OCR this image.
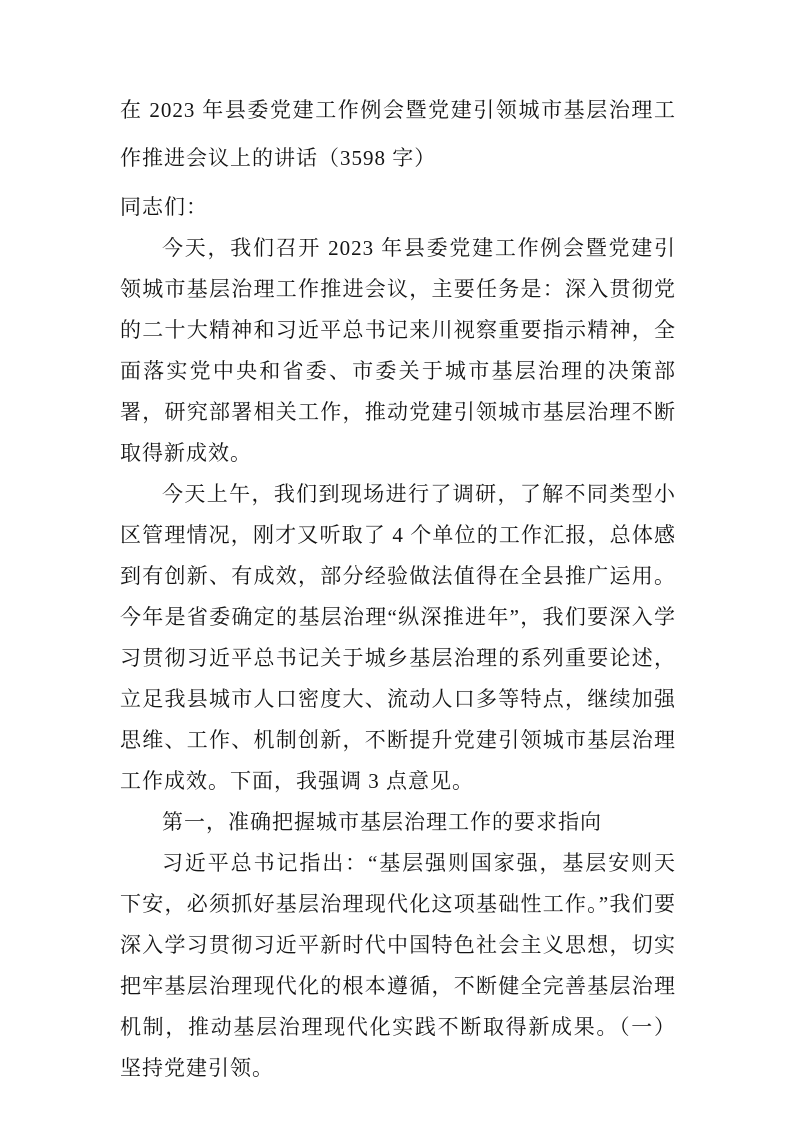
在 2023 年县委党建工作例会暨党建引领城市基层治理工作推进会议上的讲话（3598 字）

同志们：

今天，我们召开 2023 年县委党建工作例会暨党建引领城市基层治理工作推进会议，主要任务是：深入贯彻党的二十大精神和习近平总书记来川视察重要指示精神，全面落实党中央和省委、市委关于城市基层治理的决策部署，研究部署相关工作，推动党建引领城市基层治理不断取得新成效。

今天上午，我们到现场进行了调研，了解不同类型小区管理情况，刚才又听取了 4 个单位的工作汇报，总体感到有创新、有成效，部分经验做法值得在全县推广运用。今年是省委确定的基层治理“纵深推进年”，我们要深入学习贯彻习近平总书记关于城乡基层治理的系列重要论述，立足我县城市人口密度大、流动人口多等特点，继续加强思维、工作、机制创新，不断提升党建引领城市基层治理工作成效。下面，我强调 3 点意见。

第一，准确把握城市基层治理工作的要求指向

习近平总书记指出：“基层强则国家强，基层安则天下安，必须抓好基层治理现代化这项基础性工作。”我们要深入学习贯彻习近平新时代中国特色社会主义思想，切实把牢基层治理现代化的根本遵循，不断健全完善基层治理机制，推动基层治理现代化实践不断取得新成果。（一）坚持党建引领。
